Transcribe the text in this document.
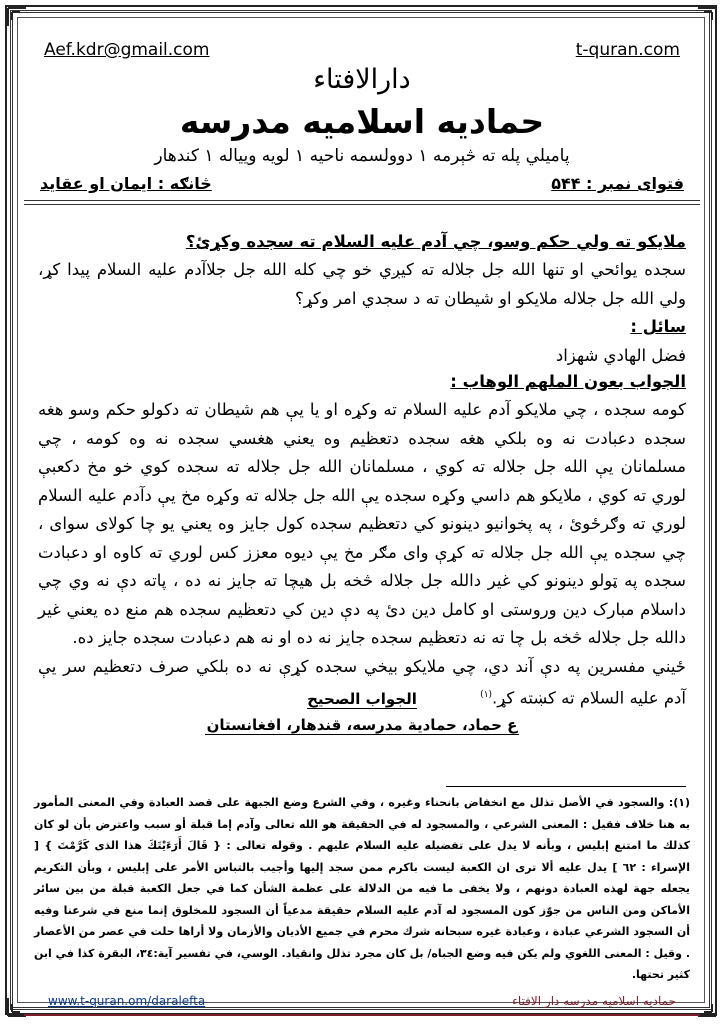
Aef.kdr@gmail.com	t-quran.com
دارالافتاء
حمادیه اسلامیه مدرسه
پاميلي پله ته څېرمه ۱ دوولسمه ناحيه ۱ لويه ويياله ۱ کندهار
فتوای نمبر : ۵۴۴
څانګه : ایمان او عقاید
ملايکو ته ولي حکم وسو، چي آدم عليه السلام ته سجده وکړئ؟
سجده يوائحي او تنها الله جل جلاله ته کيږي خو چي کله الله جل جلاآدم عليه السلام پيدا کړ، ولي الله جل جلاله ملايکو او شيطان ته د سجدي امر وکړ؟
سائل :
فضل الهادي شهزاد
الجواب بعون الملهم الوهاب :
کومه سجده ، چي ملايکو آدم عليه السلام ته وکړه او يا يې هم شيطان ته دکولو حکم وسو هغه سجده دعبادت نه وه بلکي هغه سجده دتعظيم وه يعني هغسي سجده نه وه کومه ، چي مسلمانان يې الله جل جلاله ته کوي ، مسلمانان الله جل جلاله ته سجده کوي خو مخ دکعبې لوري ته کوي ، ملايکو هم داسي وکړه سجده يې الله جل جلاله ته وکړه مخ يې دآدم عليه السلام لوري ته وګرځوئ ، په پخوانيو دينونو کي دتعظيم سجده کول جايز وه يعني يو چا کولای سوای ، چي سجده يې الله جل جلاله ته کړې وای مګر مخ يې ديوه معزز کس لوري ته کاوه او دعبادت سجده په ټولو دينونو کي غير دالله جل جلاله څخه بل هيچا ته جايز نه ده ، پاته دې نه وي چي داسلام مبارک دين وروستی او کامل دين دئ په دې دين کي دتعظيم سجده هم منع ده يعني غير دالله جل جلاله څخه بل چا ته نه دتعظيم سجده جايز نه ده او نه هم دعبادت سجده جايز ده.
ځيني مفسرين په دې آند دي، چي ملايکو بيخي سجده کړې نه ده بلکي صرف دتعظيم سر يې آدم عليه السلام ته کښته کړ.$^{(۱)}$
الجواب الصحيح
ع حماد، حمادية مدرسه، قندهار، افغانستان
(۱): والسجود في الأصل تذلل مع انخفاض بانحناء وغيره ، وفي الشرع وضع الجبهة على قصد العبادة وفي المعنى المأمور به هنا خلاف فقيل : المعنى الشرعي ، والمسجود له في الحقيقة هو الله تعالى وآدم إما قبلة أو سبب واعترض بأن لو كان كذلك ما امتنع إبليس ، وبأنه لا يدل على تفضيله عليه السلام عليهم . وقوله تعالى : { قَالَ أَرَءَيْتَكَ هذا الذى كَرَّمْتَ } [ الإسراء : ٦٢ ] يدل عليه ألا ترى ان الكعبة ليست باكرم ممن سجد إليها وأجيب بالتباس الأمر على إبليس ، وبأن التكريم يجعله جهة لهذه العبادة دونهم ، ولا يخفى ما فيه من الدلالة على عظمة الشأن كما في جعل الكعبة قبلة من بين سائر الأماكن ومن الناس من جوّز كون المسجود له آدم عليه السلام حقيقة مدعياً أن السجود للمخلوق إنما منع في شرعنا وفيه أن السجود الشرعي عبادة ، وعبادة غيره سبحانه شرك محرم في جميع الأديان والأزمان ولا أراها حلت في عصر من الأعصار . وقيل : المعنى اللغوي ولم يكن فيه وضع الجباه/ بل كان مجرد تذلل وانقياد. الوسي، في تفسير آية:٣٤، البقرة كذا في ابن كثير تحتها.
www.t-quran.om/daralefta	حمادیه اسلامیه مدرسه دار الافتاء
